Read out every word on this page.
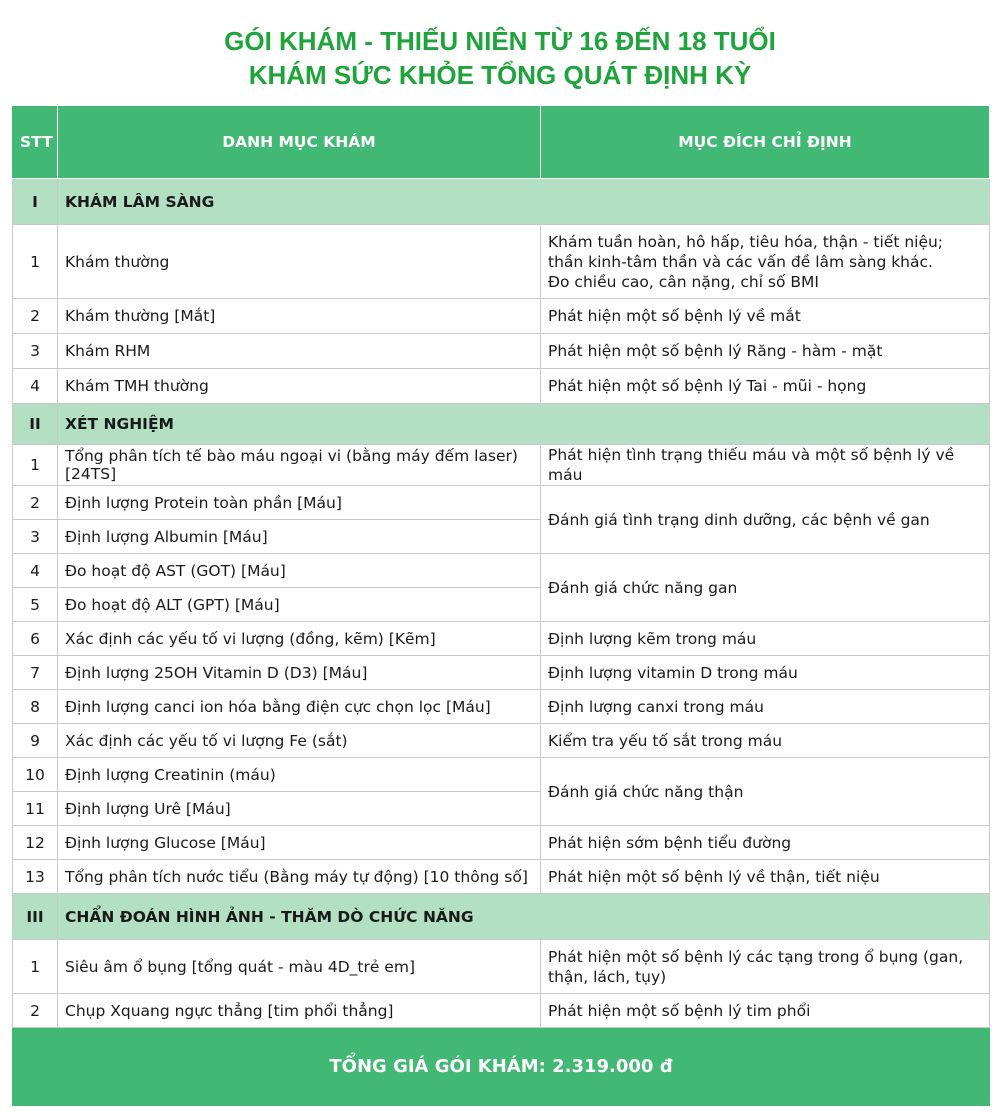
GÓI KHÁM - THIẾU NIÊN TỪ 16 ĐẾN 18 TUỔI
KHÁM SỨC KHỎE TỔNG QUÁT ĐỊNH KỲ
STT	DANH MỤC KHÁM	MỤC ĐÍCH CHỈ ĐỊNH
I	KHÁM LÂM SÀNG	
1	Khám thường	Khám tuần hoàn, hô hấp, tiêu hóa, thận - tiết niệu; thần kinh-tâm thần và các vấn đề lâm sàng khác.
Đo chiều cao, cân nặng, chỉ số BMI

2	Khám thường [Mắt]	Phát hiện một số bệnh lý về mắt
3	Khám RHM	Phát hiện một số bệnh lý Răng - hàm - mặt
4	Khám TMH thường	Phát hiện một số bệnh lý Tai - mũi - họng
II	XÉT NGHIỆM	
1	Tổng phân tích tế bào máu ngoại vi (bằng máy đếm laser) [24TS]	Phát hiện tình trạng thiếu máu và một số bệnh lý về máu
2	Định lượng Protein toàn phần [Máu]	Đánh giá tình trạng dinh dưỡng, các bệnh về gan
3	Định lượng Albumin [Máu]	
4	Đo hoạt độ AST (GOT) [Máu]	Đánh giá chức năng gan
5	Đo hoạt độ ALT (GPT) [Máu]	
6	Xác định các yếu tố vi lượng (đồng, kẽm) [Kẽm]	Định lượng kẽm trong máu
7	Định lượng 25OH Vitamin D (D3) [Máu]	Định lượng vitamin D trong máu
8	Định lượng canci ion hóa bằng điện cực chọn lọc [Máu]	Định lượng canxi trong máu
9	Xác định các yếu tố vi lượng Fe (sắt)	Kiểm tra yếu tố sắt trong máu
10	Định lượng Creatinin (máu)	Đánh giá chức năng thận
11	Định lượng Urê [Máu]	
12	Định lượng Glucose [Máu]	Phát hiện sớm bệnh tiểu đường
13	Tổng phân tích nước tiểu (Bằng máy tự động) [10 thông số]	Phát hiện một số bệnh lý về thận, tiết niệu
III	CHẨN ĐOÁN HÌNH ẢNH - THĂM DÒ CHỨC NĂNG	
1	Siêu âm ổ bụng [tổng quát - màu 4D_trẻ em]	Phát hiện một số bệnh lý các tạng trong ổ bụng (gan, thận, lách, tụy)
2	Chụp Xquang ngực thẳng [tim phổi thẳng]	Phát hiện một số bệnh lý tim phổi
TỔNG GIÁ GÓI KHÁM: 2.319.000 đ		
